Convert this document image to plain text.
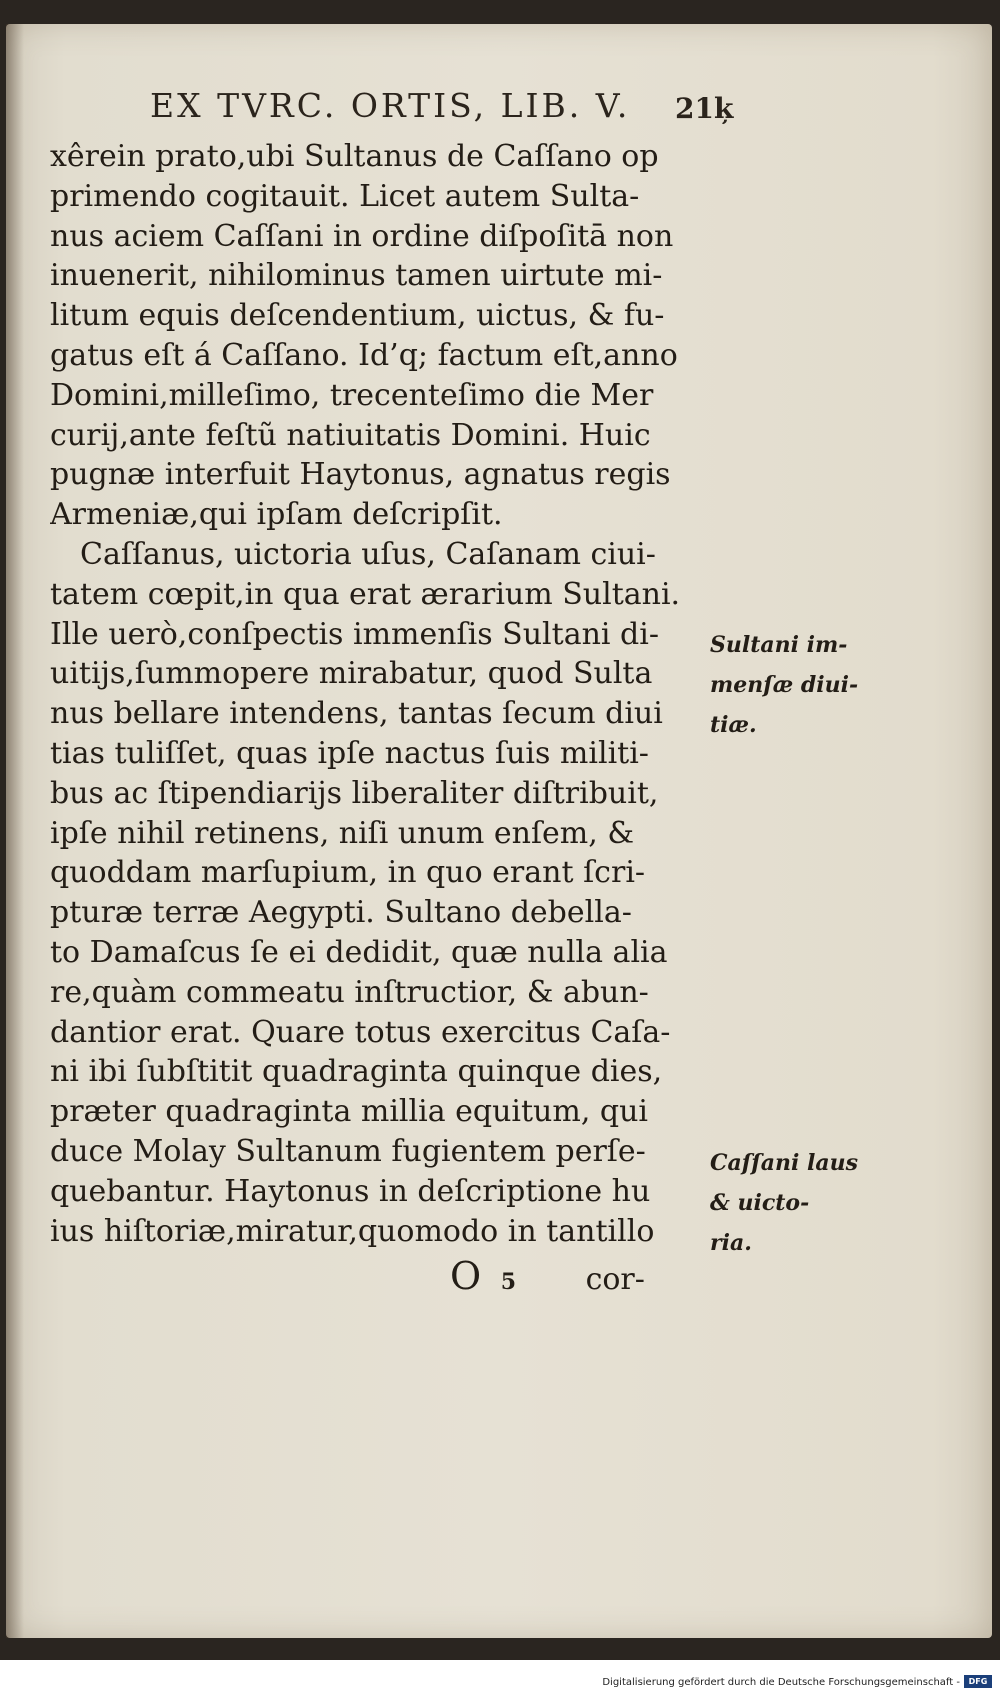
EX TVRC. ORTIS, LIB. V.	21ķ
xêrein prato,ubi Sultanus de Caſſano op
primendo cogitauit. Licet autem Sulta-
nus aciem Caſſani in ordine diſpoſitā non
inuenerit, nihilominus tamen uirtute mi-
litum equis deſcendentium, uictus, & fu-
gatus eſt á Caſſano. Id’q; factum eſt,anno
Domini,milleſimo, trecenteſimo die Mer
curij,ante feſtũ natiuitatis Domini. Huic
pugnæ interfuit Haytonus, agnatus regis
Armeniæ,qui ipſam deſcripſit.
 Caſſanus, uictoria uſus, Caſanam ciui-
tatem cœpit,in qua erat ærarium Sultani.
Ille uerò,conſpectis immenſis Sultani di-
uitijs,ſummopere mirabatur, quod Sulta
nus bellare intendens, tantas ſecum diui
tias tuliſſet, quas ipſe nactus ſuis militi-
bus ac ſtipendiarijs liberaliter diſtribuit,
ipſe nihil retinens, niſi unum enſem, &
quoddam marſupium, in quo erant ſcri-
pturæ terræ Aegypti. Sultano debella-
to Damaſcus ſe ei dedidit, quæ nulla alia
re,quàm commeatu inſtructior, & abun-
dantior erat. Quare totus exercitus Caſa-
ni ibi ſubſtitit quadraginta quinque dies,
præter quadraginta millia equitum, qui
duce Molay Sultanum fugientem perſe-
quebantur. Haytonus in deſcriptione hu
ius hiſtoriæ,miratur,quomodo in tantillo
Sultani im-
menſæ diui-
tiæ.
Caſſani laus
& uicto-
ria.
O 5 cor-
Digitalisierung gefördert durch die Deutsche Forschungsgemeinschaft -	DFG
